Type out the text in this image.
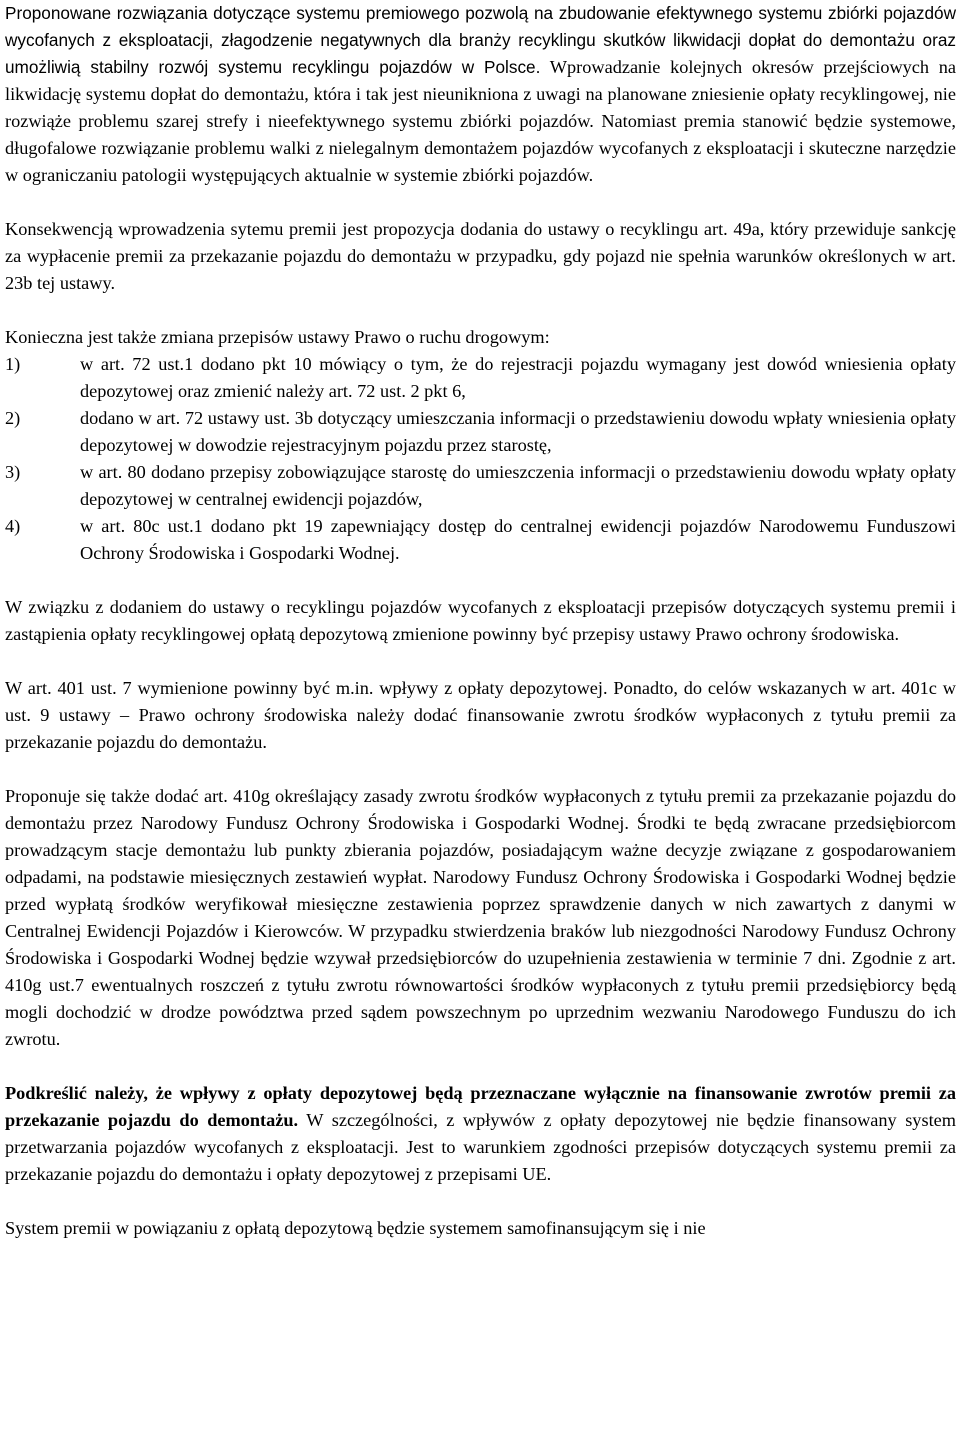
Proponowane rozwiązania dotyczące systemu premiowego pozwolą na zbudowanie efektywnego systemu zbiórki pojazdów wycofanych z eksploatacji, złagodzenie negatywnych dla branży recyklingu skutków likwidacji dopłat do demontażu oraz umożliwią stabilny rozwój systemu recyklingu pojazdów w Polsce. Wprowadzanie kolejnych okresów przejściowych na likwidację systemu dopłat do demontażu, która i tak jest nieunikniona z uwagi na planowane zniesienie opłaty recyklingowej, nie rozwiąże problemu szarej strefy i nieefektywnego systemu zbiórki pojazdów. Natomiast premia stanowić będzie systemowe, długofalowe rozwiązanie problemu walki z nielegalnym demontażem pojazdów wycofanych z eksploatacji i skuteczne narzędzie w ograniczaniu patologii występujących aktualnie w systemie zbiórki pojazdów.

Konsekwencją wprowadzenia sytemu premii jest propozycja dodania do ustawy o recyklingu art. 49a, który przewiduje sankcję za wypłacenie premii za przekazanie pojazdu do demontażu w przypadku, gdy pojazd nie spełnia warunków określonych w art. 23b tej ustawy.

Konieczna jest także zmiana przepisów ustawy Prawo o ruchu drogowym:

1)	w art. 72 ust.1 dodano pkt 10 mówiący o tym, że do rejestracji pojazdu wymagany jest dowód wniesienia opłaty depozytowej oraz zmienić należy art. 72 ust. 2 pkt 6,
2)	dodano w art. 72 ustawy ust. 3b dotyczący umieszczania informacji o przedstawieniu dowodu wpłaty wniesienia opłaty depozytowej w dowodzie rejestracyjnym pojazdu przez starostę,
3)	w art. 80 dodano przepisy zobowiązujące starostę do umieszczenia informacji o przedstawieniu dowodu wpłaty opłaty depozytowej w centralnej ewidencji pojazdów,
4)	w art. 80c ust.1 dodano pkt 19 zapewniający dostęp do centralnej ewidencji pojazdów Narodowemu Funduszowi Ochrony Środowiska i Gospodarki Wodnej.

W związku z dodaniem do ustawy o recyklingu pojazdów wycofanych z eksploatacji przepisów dotyczących systemu premii i zastąpienia opłaty recyklingowej opłatą depozytową zmienione powinny być przepisy ustawy Prawo ochrony środowiska.

W art. 401 ust. 7 wymienione powinny być m.in. wpływy z opłaty depozytowej. Ponadto, do celów wskazanych w art. 401c w ust. 9 ustawy – Prawo ochrony środowiska należy dodać finansowanie zwrotu środków wypłaconych z tytułu premii za przekazanie pojazdu do demontażu.

Proponuje się także dodać art. 410g określający zasady zwrotu środków wypłaconych z tytułu premii za przekazanie pojazdu do demontażu przez Narodowy Fundusz Ochrony Środowiska i Gospodarki Wodnej. Środki te będą zwracane przedsiębiorcom prowadzącym stacje demontażu lub punkty zbierania pojazdów, posiadającym ważne decyzje związane z gospodarowaniem odpadami, na podstawie miesięcznych zestawień wypłat. Narodowy Fundusz Ochrony Środowiska i Gospodarki Wodnej będzie przed wypłatą środków weryfikował miesięczne zestawienia poprzez sprawdzenie danych w nich zawartych z danymi w Centralnej Ewidencji Pojazdów i Kierowców. W przypadku stwierdzenia braków lub niezgodności Narodowy Fundusz Ochrony Środowiska i Gospodarki Wodnej będzie wzywał przedsiębiorców do uzupełnienia zestawienia w terminie 7 dni. Zgodnie z art. 410g ust.7 ewentualnych roszczeń z tytułu zwrotu równowartości środków wypłaconych z tytułu premii przedsiębiorcy będą mogli dochodzić w drodze powództwa przed sądem powszechnym po uprzednim wezwaniu Narodowego Funduszu do ich zwrotu.

Podkreślić należy, że wpływy z opłaty depozytowej będą przeznaczane wyłącznie na finansowanie zwrotów premii za przekazanie pojazdu do demontażu. W szczególności, z wpływów z opłaty depozytowej nie będzie finansowany system przetwarzania pojazdów wycofanych z eksploatacji. Jest to warunkiem zgodności przepisów dotyczących systemu premii za przekazanie pojazdu do demontażu i opłaty depozytowej z przepisami UE.

System premii w powiązaniu z opłatą depozytową będzie systemem samofinansującym się i nie
